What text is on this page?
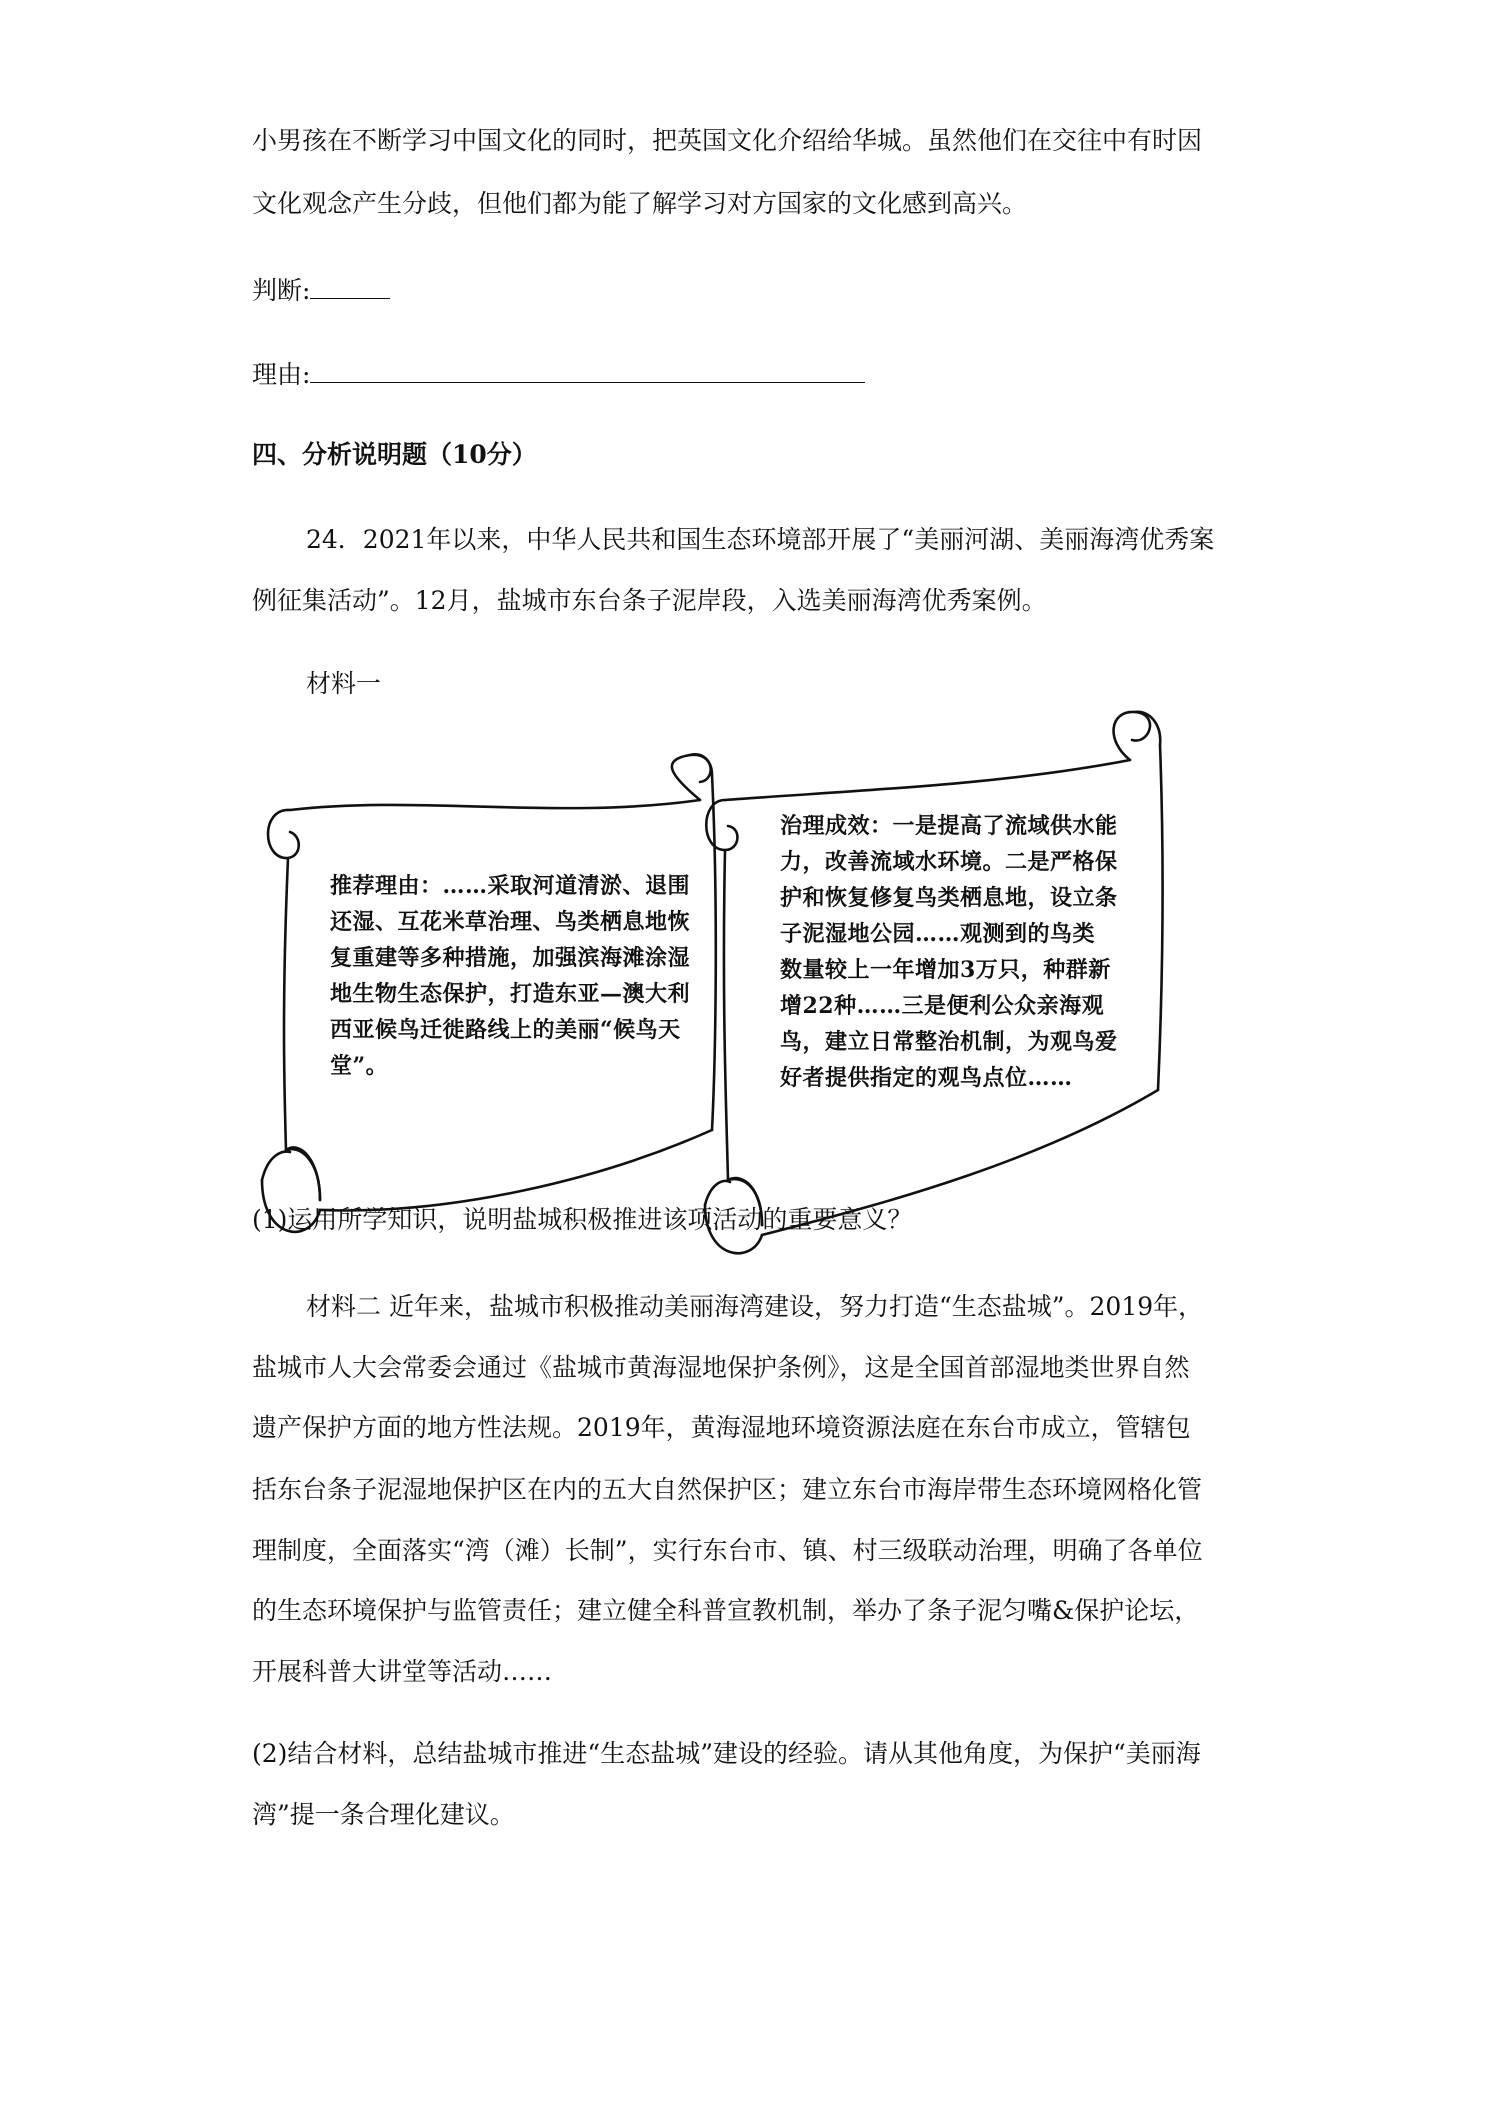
小男孩在不断学习中国文化的同时，把英国文化介绍给华城。虽然他们在交往中有时因
文化观念产生分歧，但他们都为能了解学习对方国家的文化感到高兴。
判断:
理由:
四、分析说明题（10分）
24．2021年以来，中华人民共和国生态环境部开展了“美丽河湖、美丽海湾优秀案
例征集活动”。12月，盐城市东台条子泥岸段，入选美丽海湾优秀案例。
材料一
推荐理由：……采取河道清淤、退围
还湿、互花米草治理、鸟类栖息地恢
复重建等多种措施，加强滨海滩涂湿
地生物生态保护，打造东亚—澳大利
西亚候鸟迁徙路线上的美丽“候鸟天
堂”。
治理成效：一是提高了流域供水能
力，改善流域水环境。二是严格保
护和恢复修复鸟类栖息地，设立条
子泥湿地公园……观测到的鸟类
数量较上一年增加3万只，种群新
增22种……三是便利公众亲海观
鸟，建立日常整治机制，为观鸟爱
好者提供指定的观鸟点位……
(1)运用所学知识，说明盐城积极推进该项活动的重要意义？
材料二 近年来，盐城市积极推动美丽海湾建设，努力打造“生态盐城”。2019年，
盐城市人大会常委会通过《盐城市黄海湿地保护条例》，这是全国首部湿地类世界自然
遗产保护方面的地方性法规。2019年，黄海湿地环境资源法庭在东台市成立，管辖包
括东台条子泥湿地保护区在内的五大自然保护区；建立东台市海岸带生态环境网格化管
理制度，全面落实“湾（滩）长制”，实行东台市、镇、村三级联动治理，明确了各单位
的生态环境保护与监管责任；建立健全科普宣教机制，举办了条子泥匀嘴&保护论坛，
开展科普大讲堂等活动……
(2)结合材料，总结盐城市推进“生态盐城”建设的经验。请从其他角度，为保护“美丽海
湾”提一条合理化建议。
